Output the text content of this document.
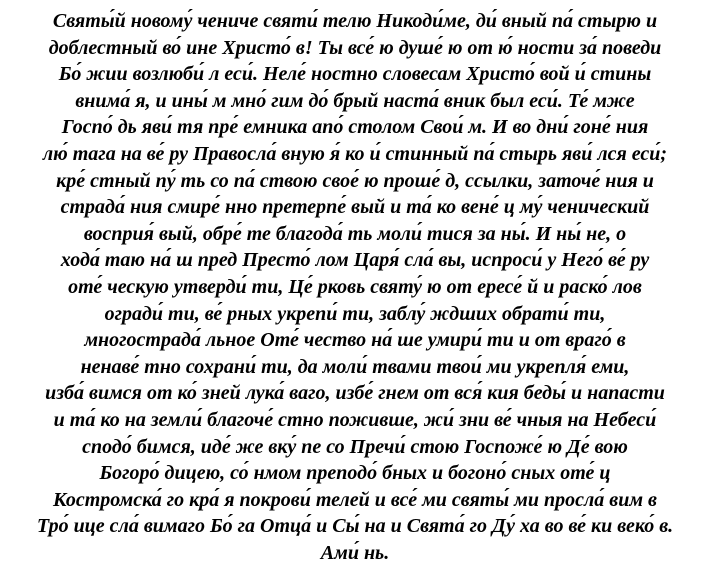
Святы́й новому́ чениче святи́ телю Никоди́ме, ди́ вный па́ стырю и
доблестный во́ ине Христо́ в! Ты все́ ю душе́ ю от ю́ ности за́ поведи
Бо́ жии возлюби́ л еси́. Неле́ ностно словесам Христо́ вой и́ стины
внима́ я, и ины́ м мно́ гим до́ брый наста́ вник был еси́. Те́ мже
Госпо́ дь яви́ тя пре́ емника апо́ столом Свои́ м. И во дни́ гоне́ ния
лю́ тага на ве́ ру Правосла́ вную я́ ко и́ стинный па́ стырь яви́ лся еси́;
кре́ стный пу́ ть со па́ ствою свое́ ю проше́ д, ссылки, заточе́ ния и
страда́ ния смире́ нно претерпе́ вый и та́ ко вене́ ц му́ ченический
восприя́ вый, обре́ те благода́ ть моли́ тися за ны́. И ны́ не, о
хода́ таю на́ ш пред Престо́ лом Царя́ сла́ вы, испроси́ у Него́ ве́ ру
оте́ ческую утверди́ ти, Це́ рковь святу́ ю от ересе́ й и раско́ лов
огради́ ти, ве́ рных укрепи́ ти, заблу́ ждших обрати́ ти,
многострада́ льное Оте́ чество на́ ше умири́ ти и от враго́ в
ненаве́ тно сохрани́ ти, да моли́ твами твои́ ми укрепля́ еми,
изба́ вимся от ко́ зней лука́ ваго, избе́ гнем от вся́ кия беды́ и напасти
и та́ ко на земли́ благоче́ стно поживше, жи́ зни ве́ чныя на Небеси́
сподо́ бимся, иде́ же вку́ пе со Пречи́ стою Госпоже́ ю Де́ вою
Богоро́ дицею, со́ нмом преподо́ бных и богоно́ сных оте́ ц
Костромска́ го кра́ я покрови́ телей и все́ ми святы́ ми просла́ вим в
Тро́ ице сла́ вимаго Бо́ га Отца́ и Сы́ на и Свята́ го Ду́ ха во ве́ ки веко́ в.
Ами́ нь.
